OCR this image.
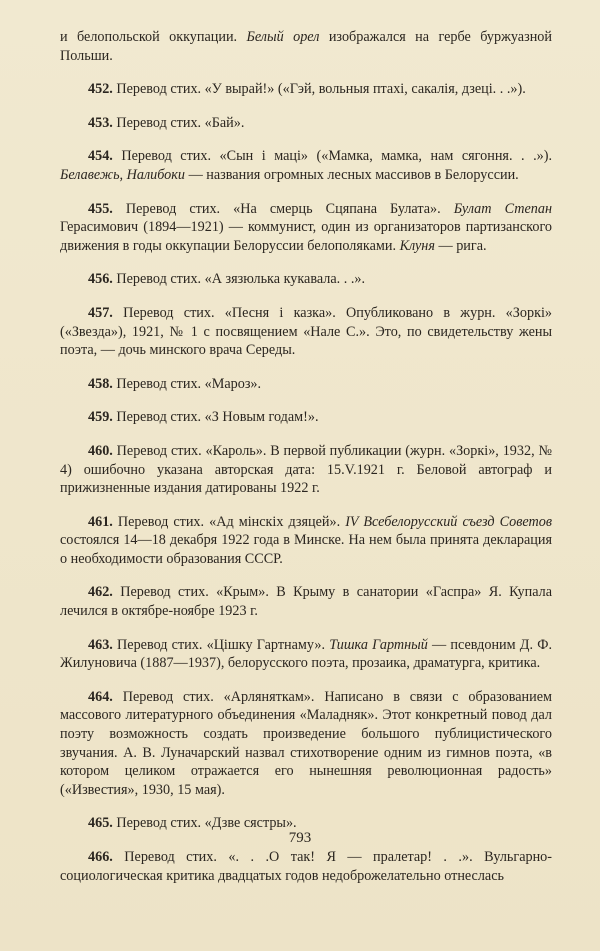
и белопольской оккупации. Белый орел изображался на гербе буржуазной Польши.

452. Перевод стих. «У вырай!» («Гэй, вольныя птахі, сакалія, дзеці. . .»).

453. Перевод стих. «Бай».

454. Перевод стих. «Сын і маці» («Мамка, мамка, нам сягоння. . .»). Белавежь, Налибоки — названия огромных лесных массивов в Белоруссии.

455. Перевод стих. «На смерць Сцяпана Булата». Булат Степан Герасимович (1894—1921) — коммунист, один из организаторов партизанского движения в годы оккупации Белоруссии белополяками. Клуня — рига.

456. Перевод стих. «А зязюлька кукавала. . .».

457. Перевод стих. «Песня і казка». Опубликовано в журн. «Зоркі» («Звезда»), 1921, № 1 с посвящением «Нале С.». Это, по свидетельству жены поэта, — дочь минского врача Середы.

458. Перевод стих. «Мароз».

459. Перевод стих. «З Новым годам!».

460. Перевод стих. «Кароль». В первой публикации (журн. «Зоркі», 1932, № 4) ошибочно указана авторская дата: 15.V.1921 г. Беловой автограф и прижизненные издания датированы 1922 г.

461. Перевод стих. «Ад мінскіх дзяцей». IV Всебелорусский съезд Советов состоялся 14—18 декабря 1922 года в Минске. На нем была принята декларация о необходимости образования СССР.

462. Перевод стих. «Крым». В Крыму в санатории «Гаспра» Я. Купала лечился в октябре-ноябре 1923 г.

463. Перевод стих. «Цішку Гартнаму». Тишка Гартный — псевдоним Д. Ф. Жилуновича (1887—1937), белорусского поэта, прозаика, драматурга, критика.

464. Перевод стих. «Арляняткам». Написано в связи с образованием массового литературного объединения «Маладняк». Этот конкретный повод дал поэту возможность создать произведение большого публицистического звучания. А. В. Луначарский назвал стихотворение одним из гимнов поэта, «в котором целиком отражается его нынешняя революционная радость» («Известия», 1930, 15 мая).

465. Перевод стих. «Дзве сястры».

466. Перевод стих. «. . .О так! Я — пралетар! . .». Вульгарно-социологическая критика двадцатых годов недоброжелательно отнеслась

793
